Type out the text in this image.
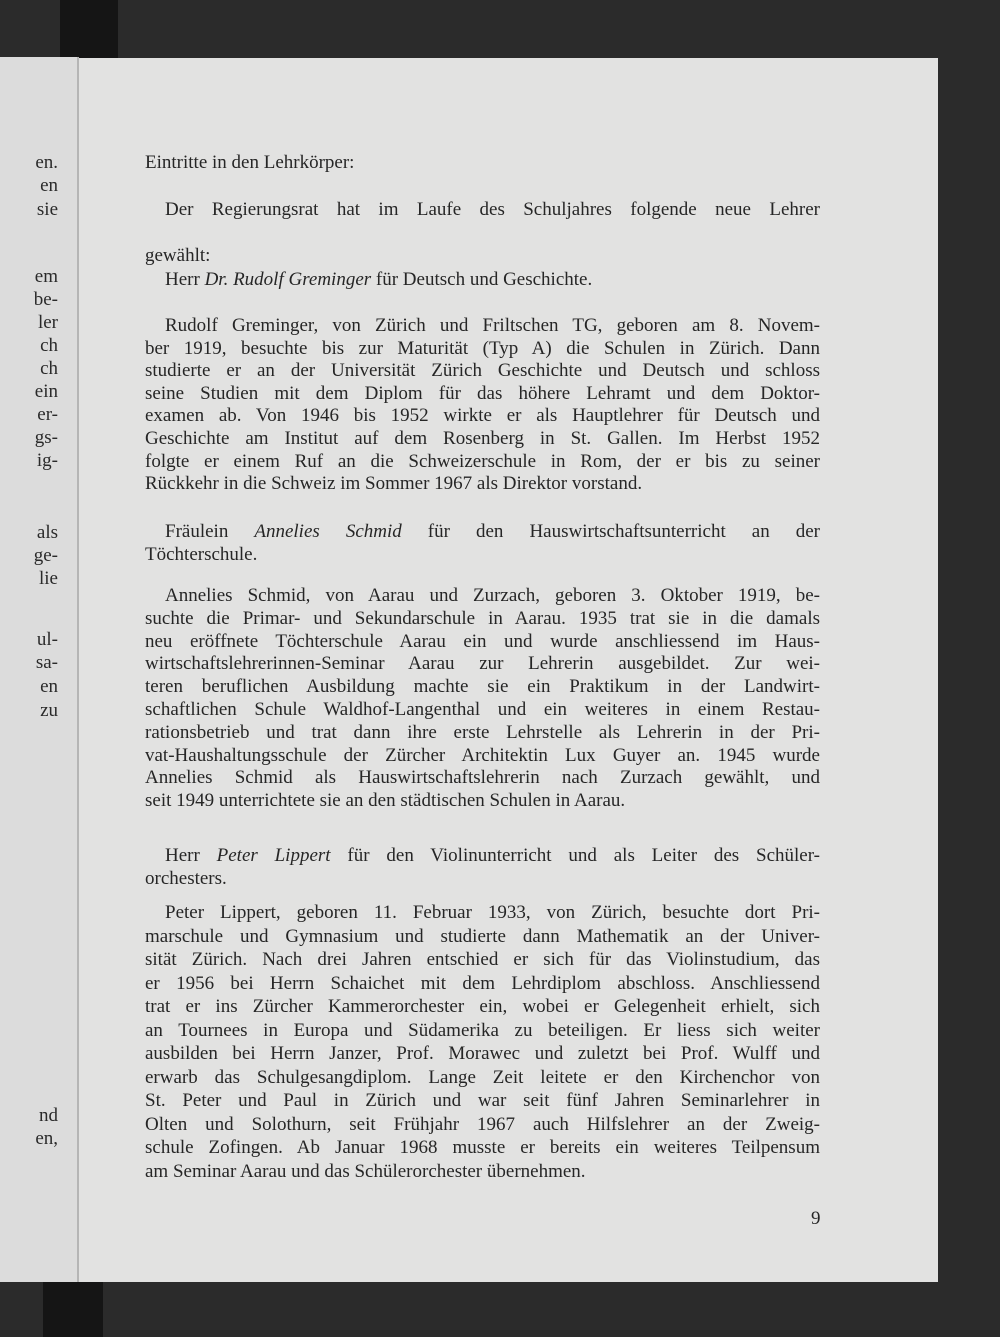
en.
en
sie
em
be-
ler
ch
ch
ein
er-
gs-
ig-
als
ge-
lie
ul-
sa-
en
zu
nd
en,
Eintritte in den Lehrkörper:
Der Regierungsrat hat im Laufe des Schuljahres folgende neue Lehrer
gewählt:
Herr Dr. Rudolf Greminger für Deutsch und Geschichte.
Rudolf Greminger, von Zürich und Friltschen TG, geboren am 8. Novem-
ber 1919, besuchte bis zur Maturität (Typ A) die Schulen in Zürich. Dann
studierte er an der Universität Zürich Geschichte und Deutsch und schloss
seine Studien mit dem Diplom für das höhere Lehramt und dem Doktor-
examen ab. Von 1946 bis 1952 wirkte er als Hauptlehrer für Deutsch und
Geschichte am Institut auf dem Rosenberg in St. Gallen. Im Herbst 1952
folgte er einem Ruf an die Schweizerschule in Rom, der er bis zu seiner
Rückkehr in die Schweiz im Sommer 1967 als Direktor vorstand.
Fräulein Annelies Schmid für den Hauswirtschaftsunterricht an der
Töchterschule.
Annelies Schmid, von Aarau und Zurzach, geboren 3. Oktober 1919, be-
suchte die Primar- und Sekundarschule in Aarau. 1935 trat sie in die damals
neu eröffnete Töchterschule Aarau ein und wurde anschliessend im Haus-
wirtschaftslehrerinnen-Seminar Aarau zur Lehrerin ausgebildet. Zur wei-
teren beruflichen Ausbildung machte sie ein Praktikum in der Landwirt-
schaftlichen Schule Waldhof-Langenthal und ein weiteres in einem Restau-
rationsbetrieb und trat dann ihre erste Lehrstelle als Lehrerin in der Pri-
vat-Haushaltungsschule der Zürcher Architektin Lux Guyer an. 1945 wurde
Annelies Schmid als Hauswirtschaftslehrerin nach Zurzach gewählt, und
seit 1949 unterrichtete sie an den städtischen Schulen in Aarau.
Herr Peter Lippert für den Violinunterricht und als Leiter des Schüler-
orchesters.
Peter Lippert, geboren 11. Februar 1933, von Zürich, besuchte dort Pri-
marschule und Gymnasium und studierte dann Mathematik an der Univer-
sität Zürich. Nach drei Jahren entschied er sich für das Violinstudium, das
er 1956 bei Herrn Schaichet mit dem Lehrdiplom abschloss. Anschliessend
trat er ins Zürcher Kammerorchester ein, wobei er Gelegenheit erhielt, sich
an Tournees in Europa und Südamerika zu beteiligen. Er liess sich weiter
ausbilden bei Herrn Janzer, Prof. Morawec und zuletzt bei Prof. Wulff und
erwarb das Schulgesangdiplom. Lange Zeit leitete er den Kirchenchor von
St. Peter und Paul in Zürich und war seit fünf Jahren Seminarlehrer in
Olten und Solothurn, seit Frühjahr 1967 auch Hilfslehrer an der Zweig-
schule Zofingen. Ab Januar 1968 musste er bereits ein weiteres Teilpensum
am Seminar Aarau und das Schülerorchester übernehmen.
9
